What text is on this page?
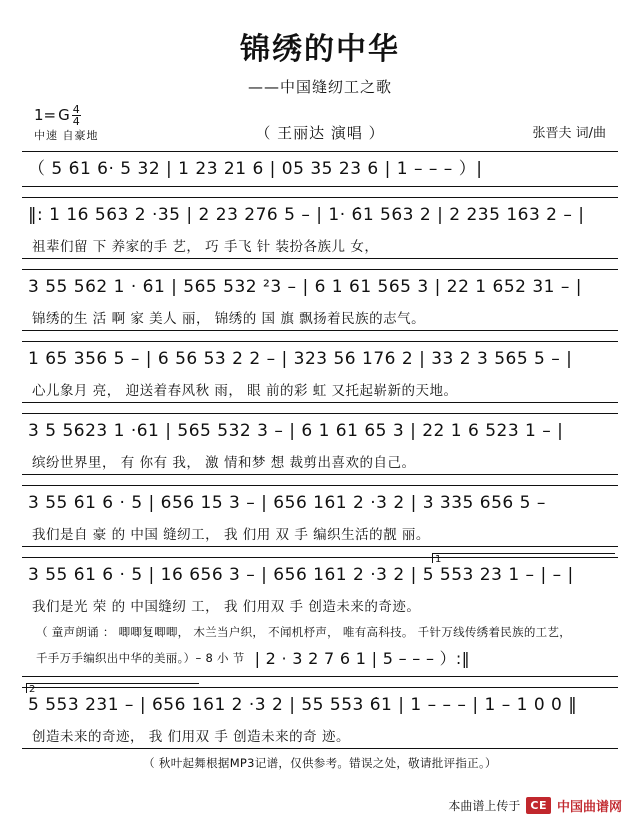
锦绣的中华
——中国缝纫工之歌
1= G $\frac{4}{4}$
中速 自豪地	（ 王丽达 演唱 ）	张晋夫 词/曲
（ 5 6̇1 6· 5 32 | 1 23 21 6 | 05 35 23 6 | 1 – – – ）|
‖: 1 16 563 2 ·35 | 2 23 276 5 – | 1· 6̇1 563 2 | 2 235 163 2 – |
祖辈们留 下 养家的手 艺， 巧 手飞 针 装扮各族儿 女，
3 55 562 1 · 6̇1 | 565 532 ²3 – | 6 1 61 565 3 | 22 1 652 31 – |
锦绣的生 活 啊 家 美人 丽， 锦绣的 国 旗 飘扬着民族的志气。
1 65 356 5 – | 6 56 53 2 2 – | 323 56 176 2 | 33 2 3 565 5 – |
心儿象月 亮， 迎送着春风秋 雨， 眼 前的彩 虹 又托起崭新的天地。
3 5 5623 1 ·61 | 565 532 3 – | 6 1 61 65 3 | 22 1 6 523 1 – |
缤纷世界里， 有 你有 我， 激 情和梦 想 裁剪出喜欢的自己。
3 55 6̇1 6 · 5 | 656 15 3 – | 656 161 2 ·3 2 | 3 335 656 5 –
我们是自 豪 的 中国 缝纫工， 我 们用 双 手 编织生活的靓 丽。
1
3 55 6̇1 6 · 5 | 16 656 3 – | 656 161 2 ·3 2 | 5 553 23 1 – | – |
我们是光 荣 的 中国缝纫 工， 我 们用双 手 创造未来的奇迹。
（ 童声朗诵 ： 唧唧复唧唧， 木兰当户织， 不闻机杼声， 唯有高科技。 千针万线传绣着民族的工艺，
千手万手编织出中华的美丽。）– 8 小 节 | 2 · 3 2 7 6 1 | 5 – – – ）:‖
2
5 553 231 – | 656 161 2 ·3 2 | 55 553 6̇1 | 1 – – – | 1 – 1 0 0 ‖
创造未来的奇迹， 我 们用双 手 创造未来的奇 迹。
（ 秋叶起舞根据MP3记谱，仅供参考。错误之处，敬请批评指正。）
本曲谱上传于 CE 中国曲谱网
